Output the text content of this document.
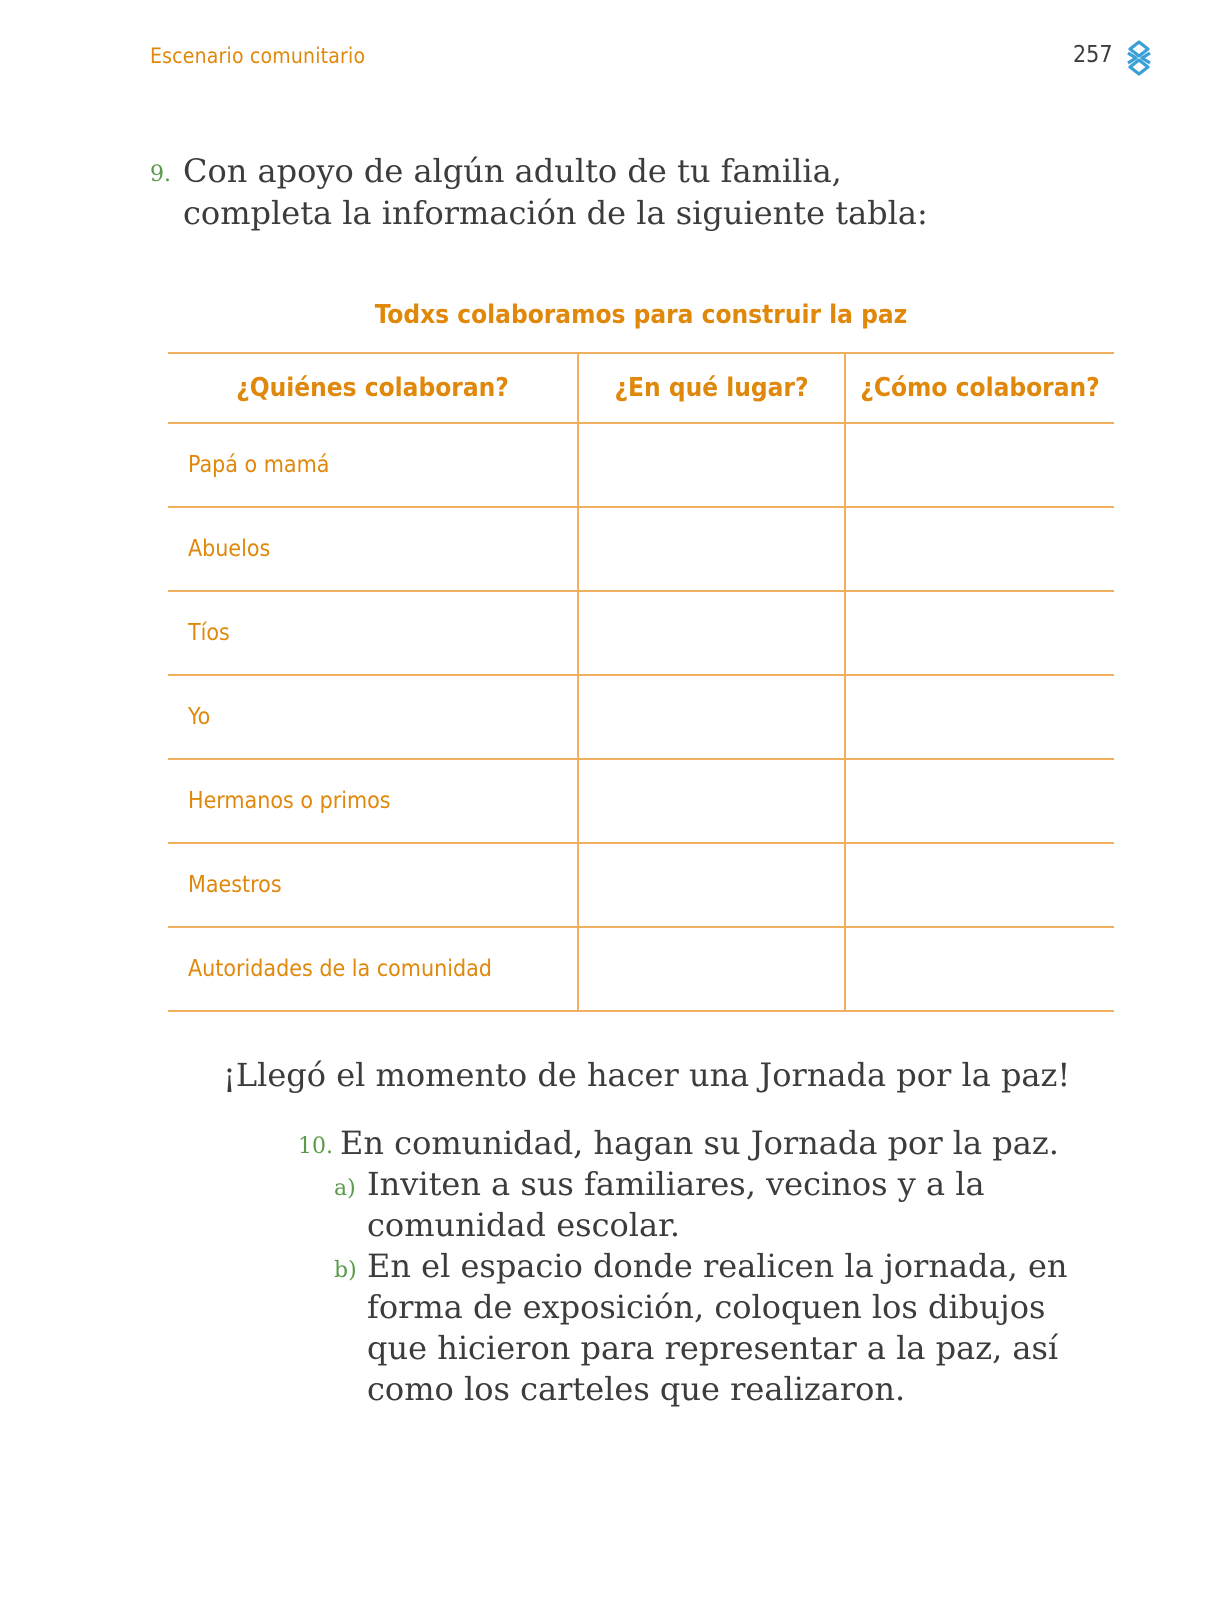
Escenario comunitario	257
9. Con apoyo de algún adulto de tu familia,
completa la información de la siguiente tabla:
Todxs colaboramos para construir la paz
¿Quiénes colaboran?	¿En qué lugar?	¿Cómo colaboran?
Papá o mamá		
Abuelos		
Tíos		
Yo		
Hermanos o primos		
Maestros		
Autoridades de la comunidad		
¡Llegó el momento de hacer una Jornada por la paz!
10. En comunidad, hagan su Jornada por la paz.
a) Inviten a sus familiares, vecinos y a la
comunidad escolar.
b) En el espacio donde realicen la jornada, en
forma de exposición, coloquen los dibujos
que hicieron para representar a la paz, así
como los carteles que realizaron.
